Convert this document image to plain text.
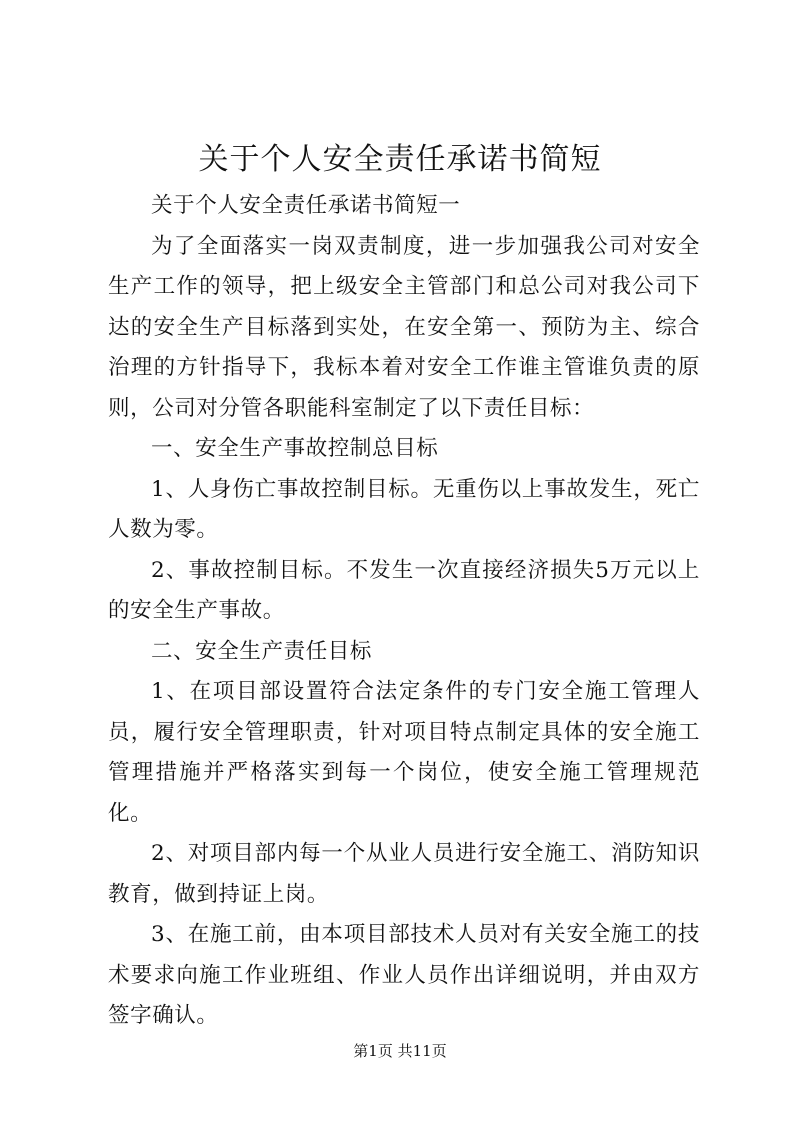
关于个人安全责任承诺书简短

关于个人安全责任承诺书简短一

为了全面落实一岗双责制度，进一步加强我公司对安全生产工作的领导，把上级安全主管部门和总公司对我公司下达的安全生产目标落到实处，在安全第一、预防为主、综合治理的方针指导下，我标本着对安全工作谁主管谁负责的原则，公司对分管各职能科室制定了以下责任目标：

一、安全生产事故控制总目标

1、人身伤亡事故控制目标。无重伤以上事故发生，死亡人数为零。

2、事故控制目标。不发生一次直接经济损失5万元以上的安全生产事故。

二、安全生产责任目标

1、在项目部设置符合法定条件的专门安全施工管理人员，履行安全管理职责，针对项目特点制定具体的安全施工管理措施并严格落实到每一个岗位，使安全施工管理规范化。

2、对项目部内每一个从业人员进行安全施工、消防知识教育，做到持证上岗。

3、在施工前，由本项目部技术人员对有关安全施工的技术要求向施工作业班组、作业人员作出详细说明，并由双方签字确认。

第1页 共11页
